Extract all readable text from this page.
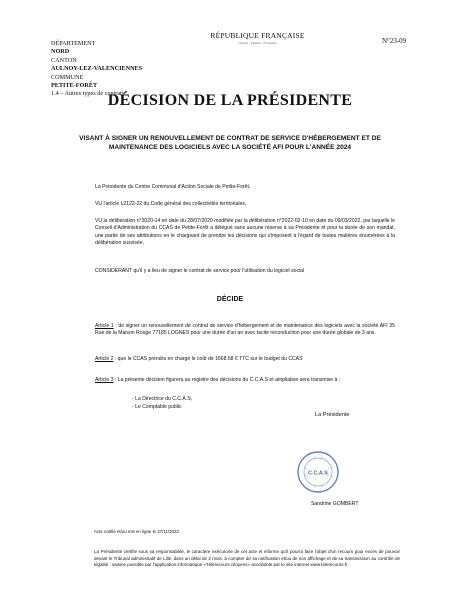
RÉPUBLIQUE FRANÇAISE
Liberté - Égalité - Fraternité	N°23-09
DÉPARTEMENT
NORD
CANTON
AULNOY-LEZ-VALENCIENNES
COMMUNE
PETITE-FORÊT
1.4 – Autres types de contrats
DÉCISION DE LA PRÉSIDENTE
VISANT À SIGNER UN RENOUVELLEMENT DE CONTRAT DE SERVICE D'HÉBERGEMENT ET DE MAINTENANCE DES LOGICIELS AVEC LA SOCIÉTÉ AFI POUR L'ANNÉE 2024
La Présidente du Centre Communal d'Action Sociale de Petite-Forêt,
VU l'article L2122-22 du Code général des collectivités territoriales,
VU la délibération n°2020-14 en date du 28/07/2020 modifiée par la délibération n°2022-02-10 en date du 09/03/2022, par laquelle le Conseil d'Administration du CCAS de Petite-Forêt a délégué sans aucune réserve à sa Présidente et pour la durée de son mandat, une partie de ses attributions en le chargeant de prendre les décisions qui s'imposent à l'égard de toutes matières énumérées à la délibération susvisée,
CONSIDÉRANT qu'il y a lieu de signer le contrat de service pour l'utilisation du logiciel social
DÉCIDE
Article 1 : de signer un renouvellement de contrat de service d'hébergement et de maintenance des logiciels avec la société AFI 35 Rue de la Maison Rouge 77185 LOGNES pour une durée d'un an avec tacite reconduction pour une durée globale de 3 ans.
Article 2 : que le CCAS prendra en charge le coût de 1668.68 € TTC sur le budget du CCAS
Article 3 : La présente décision figurera au registre des décisions du C.C.A.S et ampliation sera transmise à :
- La Directrice du C.C.A.S,
- Le Comptable public
La Présidente
C.C.A.S
Sandrine GOMBERT
Acte notifié et/ou mis en ligne le 27/11/2023
La Présidente certifie sous sa responsabilité, le caractère exécutoire de cet acte et informe qu'il pourra faire l'objet d'un recours pour excès de pouvoir devant le Tribunal administratif de Lille, dans un délai de 2 mois, à compter de sa notification et/ou de son affichage et de sa transmission au contrôle de légalité ; saisine possible par l'application informatique «Télérecours citoyens» accessible par le site internet www.telerecours.fr
